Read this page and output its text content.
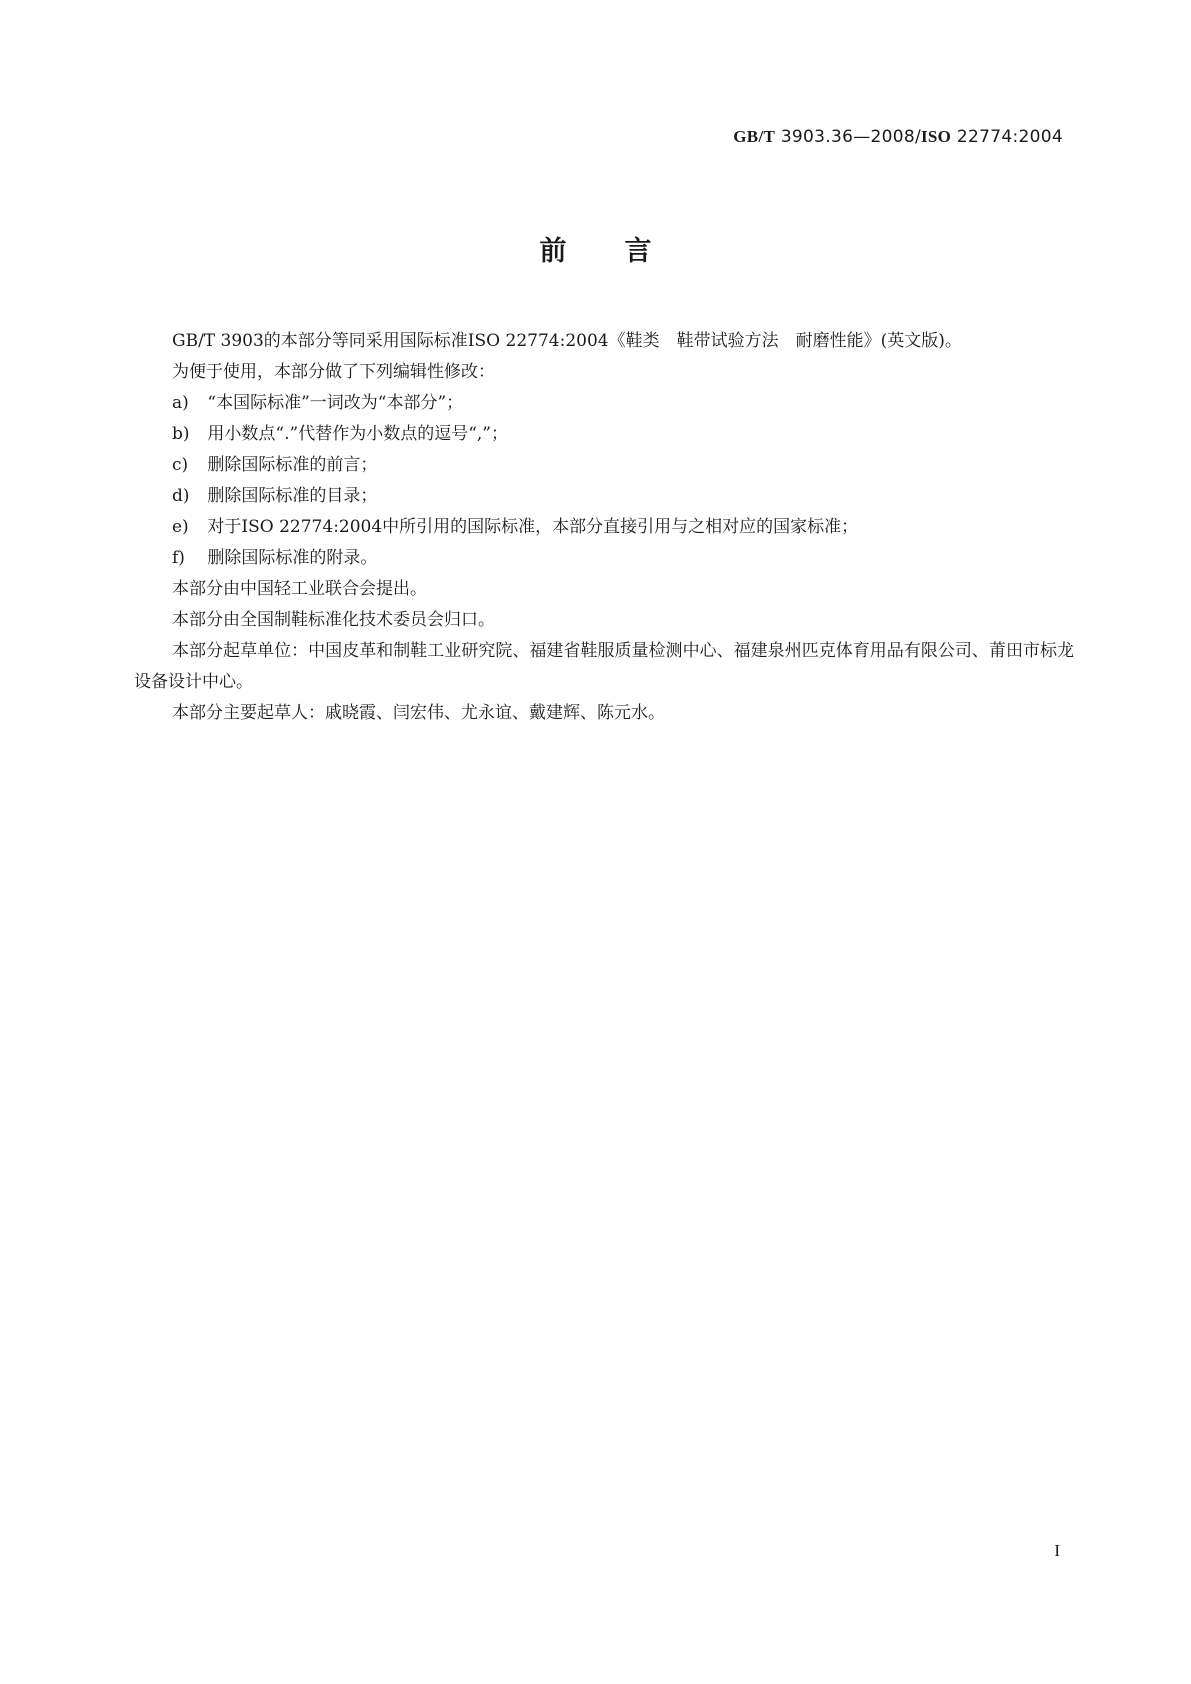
GB/T 3903.36—2008/ISO 22774:2004
前言

GB/T 3903的本部分等同采用国际标准ISO 22774:2004《鞋类　鞋带试验方法　耐磨性能》(英文版)。

为便于使用，本部分做了下列编辑性修改：

a) “本国际标准”一词改为“本部分”；
b) 用小数点“.”代替作为小数点的逗号“,”；
c) 删除国际标准的前言；
d) 删除国际标准的目录；
e) 对于ISO 22774:2004中所引用的国际标准，本部分直接引用与之相对应的国家标准；
f) 删除国际标准的附录。

本部分由中国轻工业联合会提出。

本部分由全国制鞋标准化技术委员会归口。

本部分起草单位：中国皮革和制鞋工业研究院、福建省鞋服质量检测中心、福建泉州匹克体育用品有限公司、莆田市标龙设备设计中心。

本部分主要起草人：戚晓霞、闫宏伟、尤永谊、戴建辉、陈元水。

I
